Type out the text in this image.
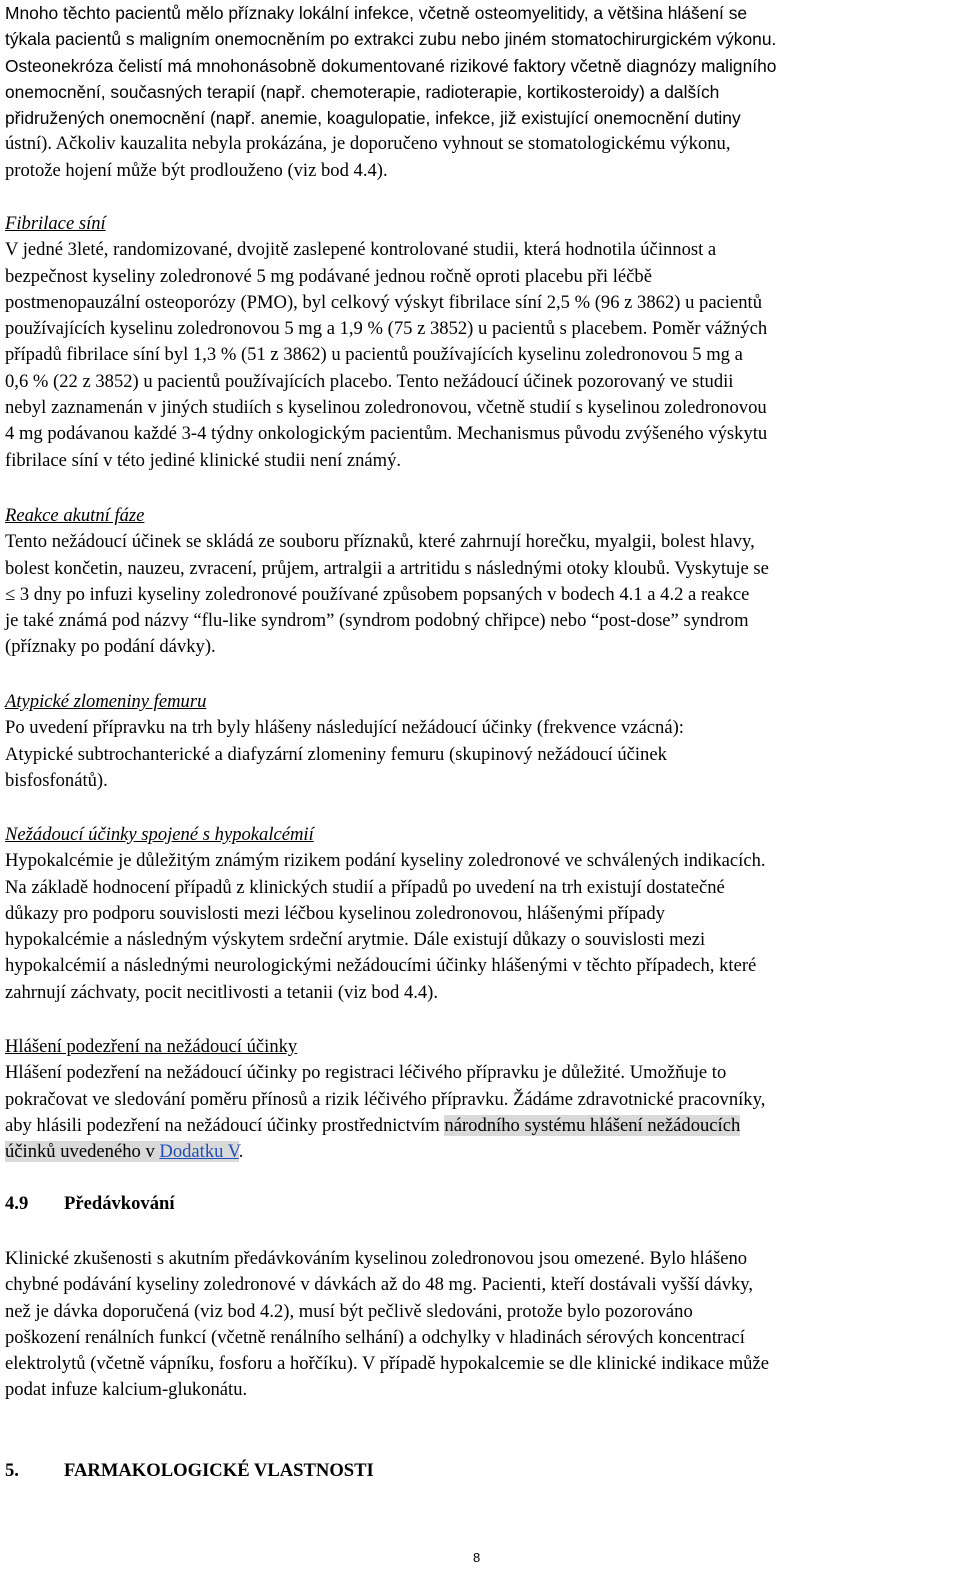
Mnoho těchto pacientů mělo příznaky lokální infekce, včetně osteomyelitidy, a většina hlášení se
týkala pacientů s maligním onemocněním po extrakci zubu nebo jiném stomatochirurgickém výkonu.
Osteonekróza čelistí má mnohonásobně dokumentované rizikové faktory včetně diagnózy maligního
onemocnění, současných terapií (např. chemoterapie, radioterapie, kortikosteroidy) a dalších
přidružených onemocnění (např. anemie, koagulopatie, infekce, již existující onemocnění dutiny
ústní). Ačkoliv kauzalita nebyla prokázána, je doporučeno vyhnout se stomatologickému výkonu,
protože hojení může být prodlouženo (viz bod 4.4).
Fibrilace síní
V jedné 3leté, randomizované, dvojitě zaslepené kontrolované studii, která hodnotila účinnost a
bezpečnost kyseliny zoledronové 5 mg podávané jednou ročně oproti placebu při léčbě
postmenopauzální osteoporózy (PMO), byl celkový výskyt fibrilace síní 2,5 % (96 z 3862) u pacientů
používajících kyselinu zoledronovou 5 mg a 1,9 % (75 z 3852) u pacientů s placebem. Poměr vážných
případů fibrilace síní byl 1,3 % (51 z 3862) u pacientů používajících kyselinu zoledronovou 5 mg a
0,6 % (22 z 3852) u pacientů používajících placebo. Tento nežádoucí účinek pozorovaný ve studii
nebyl zaznamenán v jiných studiích s kyselinou zoledronovou, včetně studií s kyselinou zoledronovou
4 mg podávanou každé 3-4 týdny onkologickým pacientům. Mechanismus původu zvýšeného výskytu
fibrilace síní v této jediné klinické studii není známý.
Reakce akutní fáze
Tento nežádoucí účinek se skládá ze souboru příznaků, které zahrnují horečku, myalgii, bolest hlavy,
bolest končetin, nauzeu, zvracení, průjem, artralgii a artritidu s následnými otoky kloubů. Vyskytuje se
≤ 3 dny po infuzi kyseliny zoledronové používané způsobem popsaných v bodech 4.1 a 4.2 a reakce
je také známá pod názvy “flu-like syndrom” (syndrom podobný chřipce) nebo “post-dose” syndrom
(příznaky po podání dávky).
Atypické zlomeniny femuru
Po uvedení přípravku na trh byly hlášeny následující nežádoucí účinky (frekvence vzácná):
Atypické subtrochanterické a diafyzární zlomeniny femuru (skupinový nežádoucí účinek
bisfosfonátů).
Nežádoucí účinky spojené s hypokalcémií
Hypokalcémie je důležitým známým rizikem podání kyseliny zoledronové ve schválených indikacích.
Na základě hodnocení případů z klinických studií a případů po uvedení na trh existují dostatečné
důkazy pro podporu souvislosti mezi léčbou kyselinou zoledronovou, hlášenými případy
hypokalcémie a následným výskytem srdeční arytmie. Dále existují důkazy o souvislosti mezi
hypokalcémií a následnými neurologickými nežádoucími účinky hlášenými v těchto případech, které
zahrnují záchvaty, pocit necitlivosti a tetanii (viz bod 4.4).
Hlášení podezření na nežádoucí účinky
Hlášení podezření na nežádoucí účinky po registraci léčivého přípravku je důležité. Umožňuje to
pokračovat ve sledování poměru přínosů a rizik léčivého přípravku. Žádáme zdravotnické pracovníky,
aby hlásili podezření na nežádoucí účinky prostřednictvím národního systému hlášení nežádoucích
účinků uvedeného v Dodatku V.
4.9 Předávkování
Klinické zkušenosti s akutním předávkováním kyselinou zoledronovou jsou omezené. Bylo hlášeno
chybné podávání kyseliny zoledronové v dávkách až do 48 mg. Pacienti, kteří dostávali vyšší dávky,
než je dávka doporučená (viz bod 4.2), musí být pečlivě sledováni, protože bylo pozorováno
poškození renálních funkcí (včetně renálního selhání) a odchylky v hladinách sérových koncentrací
elektrolytů (včetně vápníku, fosforu a hořčíku). V případě hypokalcemie se dle klinické indikace může
podat infuze kalcium-glukonátu.
5. FARMAKOLOGICKÉ VLASTNOSTI
8
